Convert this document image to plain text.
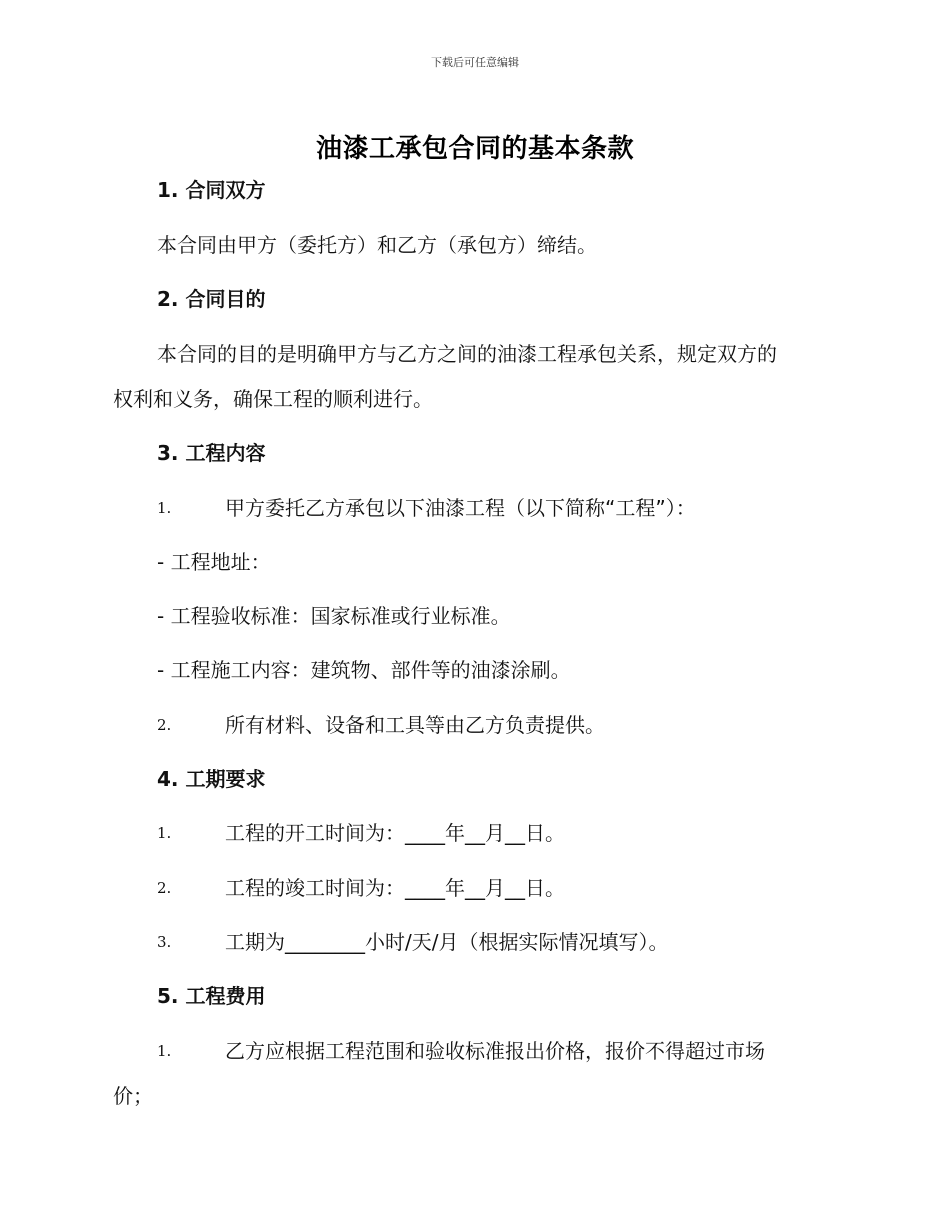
下载后可任意编辑
油漆工承包合同的基本条款
1. 合同双方
本合同由甲方（委托方）和乙方（承包方）缔结。
2. 合同目的
本合同的目的是明确甲方与乙方之间的油漆工程承包关系，规定双方的
权利和义务，确保工程的顺利进行。
3. 工程内容
1.	甲方委托乙方承包以下油漆工程（以下简称“工程”）：
- 工程地址：
- 工程验收标准：国家标准或行业标准。
- 工程施工内容：建筑物、部件等的油漆涂刷。
2.	所有材料、设备和工具等由乙方负责提供。
4. 工期要求
1.	工程的开工时间为：____年__月__日。
2.	工程的竣工时间为：____年__月__日。
3.	工期为________小时/天/月（根据实际情况填写）。
5. 工程费用
1.	乙方应根据工程范围和验收标准报出价格，报价不得超过市场
价；
